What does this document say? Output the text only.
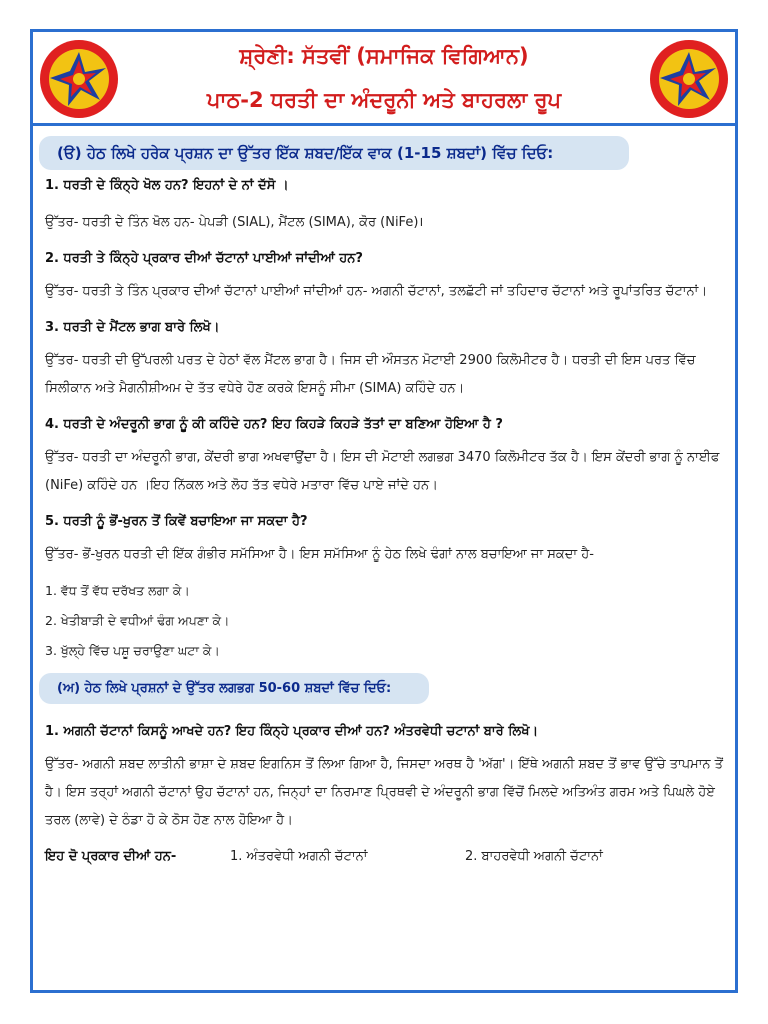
ਸ਼੍ਰੇਣੀ: ਸੱਤਵੀਂ (ਸਮਾਜਿਕ ਵਿਗਿਆਨ)
ਪਾਠ-2 ਧਰਤੀ ਦਾ ਅੰਦਰੂਨੀ ਅਤੇ ਬਾਹਰਲਾ ਰੂਪ
(ੳ) ਹੇਠ ਲਿਖੇ ਹਰੇਕ ਪ੍ਰਸ਼ਨ ਦਾ ਉੱਤਰ ਇੱਕ ਸ਼ਬਦ/ਇੱਕ ਵਾਕ (1-15 ਸ਼ਬਦਾਂ) ਵਿੱਚ ਦਿਓ:

1. ਧਰਤੀ ਦੇ ਕਿੰਨ੍ਹੇ ਖੋਲ ਹਨ? ਇਹਨਾਂ ਦੇ ਨਾਂ ਦੱਸੋ ।

ਉੱਤਰ- ਧਰਤੀ ਦੇ ਤਿੰਨ ਖੋਲ ਹਨ- ਪੇਪੜੀ (SIAL), ਮੈਂਟਲ (SIMA), ਕੋਰ (NiFe)।

2. ਧਰਤੀ ਤੇ ਕਿੰਨ੍ਹੇ ਪ੍ਰਕਾਰ ਦੀਆਂ ਚੱਟਾਨਾਂ ਪਾਈਆਂ ਜਾਂਦੀਆਂ ਹਨ?

ਉੱਤਰ- ਧਰਤੀ ਤੇ ਤਿੰਨ ਪ੍ਰਕਾਰ ਦੀਆਂ ਚੱਟਾਨਾਂ ਪਾਈਆਂ ਜਾਂਦੀਆਂ ਹਨ- ਅਗਨੀ ਚੱਟਾਨਾਂ, ਤਲਛੱਟੀ ਜਾਂ ਤਹਿਦਾਰ ਚੱਟਾਨਾਂ ਅਤੇ ਰੂਪਾਂਤਰਿਤ ਚੱਟਾਨਾਂ।

3. ਧਰਤੀ ਦੇ ਮੈਂਟਲ ਭਾਗ ਬਾਰੇ ਲਿਖੋ।

ਉੱਤਰ- ਧਰਤੀ ਦੀ ਉੱਪਰਲੀ ਪਰਤ ਦੇ ਹੇਠਾਂ ਵੱਲ ਮੈਂਟਲ ਭਾਗ ਹੈ। ਜਿਸ ਦੀ ਔਸਤਨ ਮੋਟਾਈ 2900 ਕਿਲੋਮੀਟਰ ਹੈ। ਧਰਤੀ ਦੀ ਇਸ ਪਰਤ ਵਿੱਚ ਸਿਲੀਕਾਨ ਅਤੇ ਮੈਗਨੀਸ਼ੀਅਮ ਦੇ ਤੱਤ ਵਧੇਰੇ ਹੋਣ ਕਰਕੇ ਇਸਨੂੰ ਸੀਮਾ (SIMA) ਕਹਿੰਦੇ ਹਨ।

4. ਧਰਤੀ ਦੇ ਅੰਦਰੂਨੀ ਭਾਗ ਨੂੰ ਕੀ ਕਹਿੰਦੇ ਹਨ? ਇਹ ਕਿਹੜੇ ਕਿਹੜੇ ਤੱਤਾਂ ਦਾ ਬਣਿਆ ਹੋਇਆ ਹੈ ?

ਉੱਤਰ- ਧਰਤੀ ਦਾ ਅੰਦਰੂਨੀ ਭਾਗ, ਕੇਂਦਰੀ ਭਾਗ ਅਖਵਾਉਂਦਾ ਹੈ। ਇਸ ਦੀ ਮੋਟਾਈ ਲਗਭਗ 3470 ਕਿਲੋਮੀਟਰ ਤੱਕ ਹੈ। ਇਸ ਕੇਂਦਰੀ ਭਾਗ ਨੂੰ ਨਾਈਫ (NiFe) ਕਹਿੰਦੇ ਹਨ ।ਇਹ ਨਿੱਕਲ ਅਤੇ ਲੋਹ ਤੱਤ ਵਧੇਰੇ ਮਤਾਰਾ ਵਿੱਚ ਪਾਏ ਜਾਂਦੇ ਹਨ।

5. ਧਰਤੀ ਨੂੰ ਭੋਂ-ਖੁਰਨ ਤੋਂ ਕਿਵੇਂ ਬਚਾਇਆ ਜਾ ਸਕਦਾ ਹੈ?

ਉੱਤਰ- ਭੋਂ-ਖੁਰਨ ਧਰਤੀ ਦੀ ਇੱਕ ਗੰਭੀਰ ਸਮੱਸਿਆ ਹੈ। ਇਸ ਸਮੱਸਿਆ ਨੂੰ ਹੇਠ ਲਿਖੇ ਢੰਗਾਂ ਨਾਲ ਬਚਾਇਆ ਜਾ ਸਕਦਾ ਹੈ-

1. ਵੱਧ ਤੋਂ ਵੱਧ ਦਰੱਖਤ ਲਗਾ ਕੇ।

2. ਖੇਤੀਬਾੜੀ ਦੇ ਵਧੀਆਂ ਢੰਗ ਅਪਣਾ ਕੇ।

3. ਖੁੱਲ੍ਹੇ ਵਿੱਚ ਪਸ਼ੂ ਚਰਾਉਣਾ ਘਟਾ ਕੇ।

(ਅ) ਹੇਠ ਲਿਖੇ ਪ੍ਰਸ਼ਨਾਂ ਦੇ ਉੱਤਰ ਲਗਭਗ 50-60 ਸ਼ਬਦਾਂ ਵਿੱਚ ਦਿਓ:

1. ਅਗਨੀ ਚੱਟਾਨਾਂ ਕਿਸਨੂੰ ਆਖਦੇ ਹਨ? ਇਹ ਕਿੰਨ੍ਹੇ ਪ੍ਰਕਾਰ ਦੀਆਂ ਹਨ? ਅੰਤਰਵੇਧੀ ਚਟਾਨਾਂ ਬਾਰੇ ਲਿਖੋ।

ਉੱਤਰ- ਅਗਨੀ ਸ਼ਬਦ ਲਾਤੀਨੀ ਭਾਸ਼ਾ ਦੇ ਸ਼ਬਦ ਇਗਨਿਸ ਤੋਂ ਲਿਆ ਗਿਆ ਹੈ, ਜਿਸਦਾ ਅਰਥ ਹੈ 'ਅੱਗ'। ਇੱਥੇ ਅਗਨੀ ਸ਼ਬਦ ਤੋਂ ਭਾਵ ਉੱਚੇ ਤਾਪਮਾਨ ਤੋਂ ਹੈ। ਇਸ ਤਰ੍ਹਾਂ ਅਗਨੀ ਚੱਟਾਨਾਂ ਉਹ ਚੱਟਾਨਾਂ ਹਨ, ਜਿਨ੍ਹਾਂ ਦਾ ਨਿਰਮਾਣ ਪ੍ਰਿਥਵੀ ਦੇ ਅੰਦਰੂਨੀ ਭਾਗ ਵਿੱਚੋਂ ਮਿਲਦੇ ਅਤਿਅੰਤ ਗਰਮ ਅਤੇ ਪਿਘਲੇ ਹੋਏ ਤਰਲ (ਲਾਵੇ) ਦੇ ਠੰਡਾ ਹੋ ਕੇ ਠੋਸ ਹੋਣ ਨਾਲ ਹੋਇਆ ਹੈ।

ਇਹ ਦੋ ਪ੍ਰਕਾਰ ਦੀਆਂ ਹਨ-	1. ਅੰਤਰਵੇਧੀ ਅਗਨੀ ਚੱਟਾਨਾਂ	2. ਬਾਹਰਵੇਧੀ ਅਗਨੀ ਚੱਟਾਨਾਂ
